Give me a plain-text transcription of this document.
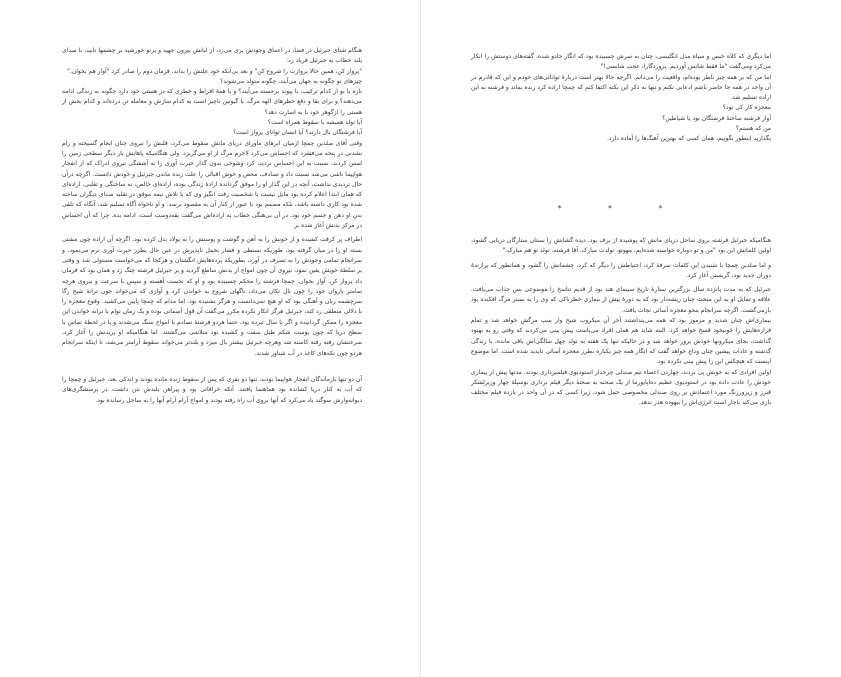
هنگام شنای جبرئیل در فضا، در اعماق وجودش پری می‌زد، از لبانش بیرون جهید و پرتو خورشید بر چشمها تابید، با صدای بلند خطاب به جبرئیل فریاد زد:

"پرواز کن، همین حالا پروازت را شروع کن" و بعد بی‌آنکه خود علتش را بداند، فرمان دوم را صادر کرد "آواز هم بخوان."

چیزهای نو چگونه به جهان می‌آیند، چگونه متولد می‌شوند؟

تازه یا نو از کدام ترکیب، با پیوند برجسته می‌آیند؟ و با همهٔ افراط و خطری که در هستی خود دارد چگونه به زندگی ادامه می‌دهند؟ و برای بقا و دفع خطرهای الهه مرگ، یا گیوتین ناچیز است به کدام سازش و معامله تن درده‌اند و کدام بخش از هستی را ازگوهر خود با به اسارت دهد؟

آیا تولد همیشه با سقوط همراه است؟

آیا فرشتگان بال دارند؟ آیا انسان توانای پرواز است؟

وقتی آقای صلدین چمچا ازمیان ابرهای ماورای دریای مانش سقوط می‌کرد، قلبش را نیروی چنان انجام گسیخته و رام نشدنی در پنجه می‌فشرد که احساس می‌کرد لاجرم مرگ از او می‌گریزد. ولی هنگامیکه پاهایش بار دیگر سطحی زمین را لمس کردند، نسبت به این احساس تردید، کرد وشوخی بدون گذار حیرت آوری را به آشفتگی نیروی ادراک که از انفجار هواپیما ناشی می‌شد نسبت داد و تصادف، محض و خوش اقبالی را علت زنده ماندن جبرئیل و خودش دانست. اگرچه درآن حال تردیدی نداشت، آنچه در این گذار او را موفق گردانده ارادهٔ زندگی بوده، اراده‌ای خالص، نه ساختگی و تقلبی. اراده‌ای که همان ابتدا اعلام کرده بود مایل نیست با شخصیت رقت انگیز وی که با تلاش نیمه موفق در تقلید صدای دیگران ساخته شده بود کاری داشته باشد، بلکه مصمم بود با عبور از کنار آن به مقصود برسد. و او ناخواه آگاه تسلیم شد، آنگاه که تلقی بدنِ او ذهن و جسم خود بود. در آن بی‌هنگی خطاب به اراده‌اش می‌گفت یقه‌دوست است، ادامه بده. چرا که آن احساس در مرکز بدنش آغاز شده بر

اطراف پر کرفت کشیده و از خونش را به آهن و گوشت و پوستش را به پولاد بدل کرده بود. اگرچه آن اراده چون مشتی بسته او را در میان گرفته بود، طوریکه بستطی و فشار تحمل ناپذیرش در عین حال بطرز حیرت آوری نرم می‌نمود. و سرانجام تمامی وجودش را به تصرف در آورد، بطوریکه پرده‌هایش انگشتان و هرکجا که می‌خواست مستولی شد و وقتی بر سلطهٔ خویش یقین نمود، نیروی آن چون امواج از بدنش ساطع گردید و بر جبرئیل فرشته چنگ زد و همان بود که فرمان داد پرواز کن. آواز بخوان. چمچا فرشته را محکم چسبیده بود و او که نخست آهسته و سپس با سرعت و نیروی هرچه تمامتر بازوان خود را چون بال تکان می‌داد، ناگهان شروع به خواندن کرد و آوازی که می‌خواند چون ترانهٔ شبح رگا سرچشمه زبان و آهنگی بود که او هیچ نمی‌دانست و هرگز نشنیده بود. اما مدام که چمچا پایین می‌کشید. وقوع معجزه را با دلالی منطقی رد کند، جبرئیل هرگز انکار نکرده مکرر می‌گفت آن قول آسمانی بوده و یک زمان توام با ترانه خواندن این معجزه را ممکن گردانیده و اگر با سال تبرده بود، حتما هردو فرشتهٔ تصادم با امواج سنگ می‌شدند و یا در لحظهٔ تماس با سطح دریا که چون پوست شکم طبل سفت و کشیده بود متلاشی می‌گشتند. اما هنگامیکه او پریدنش را آغاز کرد، سرعتشان رفته رفته کاسته شد وهرچه جبرئیل بیشتر بال میزد و بلندتر می‌خواند سقوط آرامتر می‌شد، تا اینکه سرانجام هردو چون تکه‌های کاغذ در آب شناور شدند.

آن دو تنها بازماندگان انفجار هواپیما بودند، تنها دو نفری که پس از سقوط زنده مانده بودند و اندکی بعد، جبرئیل و چمچا را که آب به کنار دریا کشانده بود هماهنما یافتند. آنکه خرافاتی بود و پیراهن بلندش بتن داشت، در پرسشگری‌های دیوانه‌وارش سوگند یاد می‌کرد که آنها بروی آب راه رفته بودند و امواج آرام آرام آنها را به ساحل رسانده بود.

اما دیگری که کلاه خیس و سیاه مدل انگلیسی، چنان به سرش چسبیده بود که انگار جادو شده، گفته‌های دوستش را انکار می‌کرد ومی‌گفت "ما فقط شانس آوردیم. پروردگارا، عجب شانسی!"

اما من که بر همه چیز ناظر بوده‌ام، واقعیت را می‌دانم. اگرچه حالا بهتر است دربارهٔ توانائی‌های خودم و این که قادرم در آن واحد در همه جا حاضر باشم ادعایی نکنم و تنها به ذکر این نکته اکتفا کنم که چمچا اراده کرد زنده بماند و فرشته به این اراده تسلیم شد.

معجزه کار کی بود؟

آواز فرشته ساختهٔ فرشتگان بود یا شیاطین؟

من که هستم؟

بگذارید اینطور بگوییم، همان کسی که بهترین آهنگ‌ها را آماده دارد.

* * *

هنگامیکه جبرئیل فرشته بروی ساحل دریای مانش که پوشیده از برف بود، دیده گشانش را بستان ستارگان دریایی گشود، اولین کلماتش این بود "من و تو دوباره خواسته شده‌ایم، مهوتو، تولدت مبارک. آقا فرشته، تولد تو هم مبارک."

و اما صلدین چمچا با شنیدن این کلمات سرفهٔ کرد، احتیاطش را دیگر که کرد، چشمانش را گشود و همانطور که برازندهٔ دوران جدید بود، گریستن آغاز کرد.

جبرئیل که به مدت پانزده سال بزرگترین ستارهٔ تاریخ سینمای هند بود از قدیم تناسخ را موضوعی بس جذاب می‌یافت. علاقه و تمایل او به این مبحث چنان ریشه‌دار بود که به دورهٔ پیش از بیماری خطرناکی که وی را به بستر مرگ افکنده بود بازمی‌گشت. اگرچه سرانجام بنحو معجزه آسائی نجات یافت.

بیماری‌اش چنان شدید و مرموز بود که همه می‌پنداشتند آخر آن میکروب شیخ وار سپ مرگش خواهد شد و تمام فرازه‌هایش را خونبخود قسخ خواهد کرد. البته شاید هم همان افراد می‌پاست پیش بینی می‌کردند که وقتی رو به بهبود گذاشت، بجای میکروبها خودش پرور خواهد شد و در حالیکه تنها یک هفته به تولد چهل سالگی‌اش باقی مانده، با زندگی گذشته و عادات پیشین چنان وداع خواهد گفت که انگار همه چیز یکباره بطرز معجزه آسائی ناپدید شده است. اما موضوع اینست که هیچکس این را پیش بینی نکرده بود.

اولین افرادی که به خوبش پی بردند، چهاردن اعضاء تیم صندلی چرخدار استودیوی فیلمبرداری بودند. مدتها پیش از بیماری خودش را عادت داده بود در استودیوی عظیم ده‌اپایورما از یک صحنه به صحنهٔ دیگر فیلم برداری بوسیلهٔ چهار وزیرلشکر قبرز و زیرورزنگ مورد اعتمادش بر روی صندلی مخصوصی حمل شود، زیرا کسی که در آن واحد در یازده فیلم مختلف بازی می‌کند ناچار است انرژی‌اش را بیهوده هدر ندهد.
